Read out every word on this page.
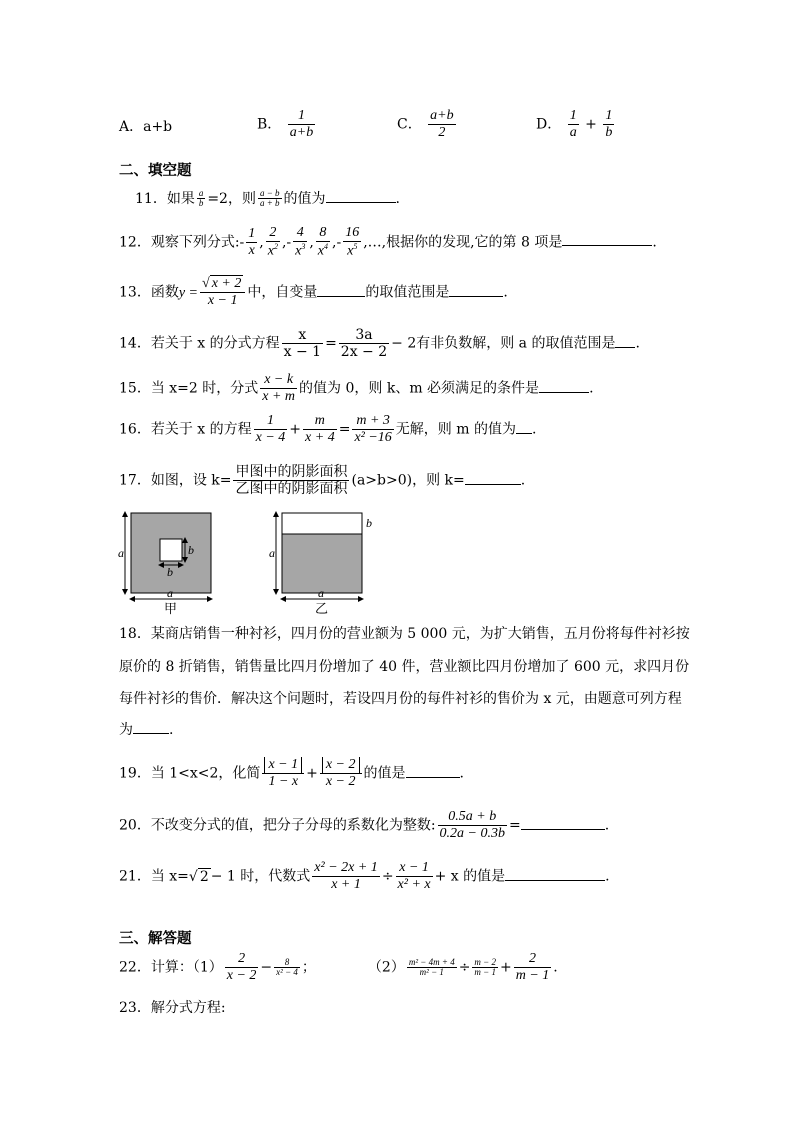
A．a+b	B． $\frac{1}{a+b}$	C． $\frac{a+b}{2}$	D． $\frac{1}{a} + \frac{1}{b}$
二、填空题
11．如果 $\frac{a}{b} =2$，则 $\frac{a - b}{a + b}$ 的值为	.
12．观察下列分式:- $\frac{1}{x}$ , $\frac{2}{x^2}$ ,- $\frac{4}{x^3}$ , $\frac{8}{x^4}$ ,- $\frac{16}{x^5}$ ,…,根据你的发现,它的第 8 项是	.
13．函数$y = \frac{√ x + 2}{x - 1}$ 中，自变量	的取值范围是	.
14．若关于 x 的分式方程 $\frac{x}{x - 1} = \frac{3a}{2x - 2} - 2$有非负数解，则 a 的取值范围是 .
15．当 x=2 时，分式 $\frac{x - k}{x + m}$ 的值为 0，则 k、m 必须满足的条件是	.
16．若关于 x 的方程 $\frac{1}{x - 4} + \frac{m}{x + 4} = \frac{m + 3}{\text{x² −16}}$ 无解，则 m 的值为 .
17．如图，设 k=
甲图中的阴影面积
乙图中的阴影面积
(a>b>0)，则 k=	.
a
a
b
b
甲
a
b
a
乙
18．某商店销售一种衬衫，四月份的营业额为 5 000 元，为扩大销售，五月份将每件衬衫按
原价的 8 折销售，销售量比四月份增加了 40 件，营业额比四月份增加了 600 元，求四月份
每件衬衫的售价．解决这个问题时，若设四月份的每件衬衫的售价为 x 元，由题意可列方程
为	.
19．当 1<x<2，化简 $\frac{x - 1}{1 - x} + \frac{x - 2}{x - 2}$ 的值是	.
20．不改变分式的值，把分子分母的系数化为整数: $\frac{0.5a + b}{0.2a - 0.3b}$ =	.
21．当 x=√ 2 − 1 时，代数式 $\frac{\text{x² − 2x + 1}}{x + 1} \div \frac{x - 1}{\text{x² + x}} + x$ 的值是	.
三、解答题
22．计算：$(1) \frac{2}{x - 2} - \frac{8}{\text{x² − 4}}$ ；	$(2) \frac{\text{m² − 4m + 4}}{\text{m² − 1}} \div \frac{m - 2}{m - 1} + \frac{2}{m - 1}$ .
23．解分式方程:
